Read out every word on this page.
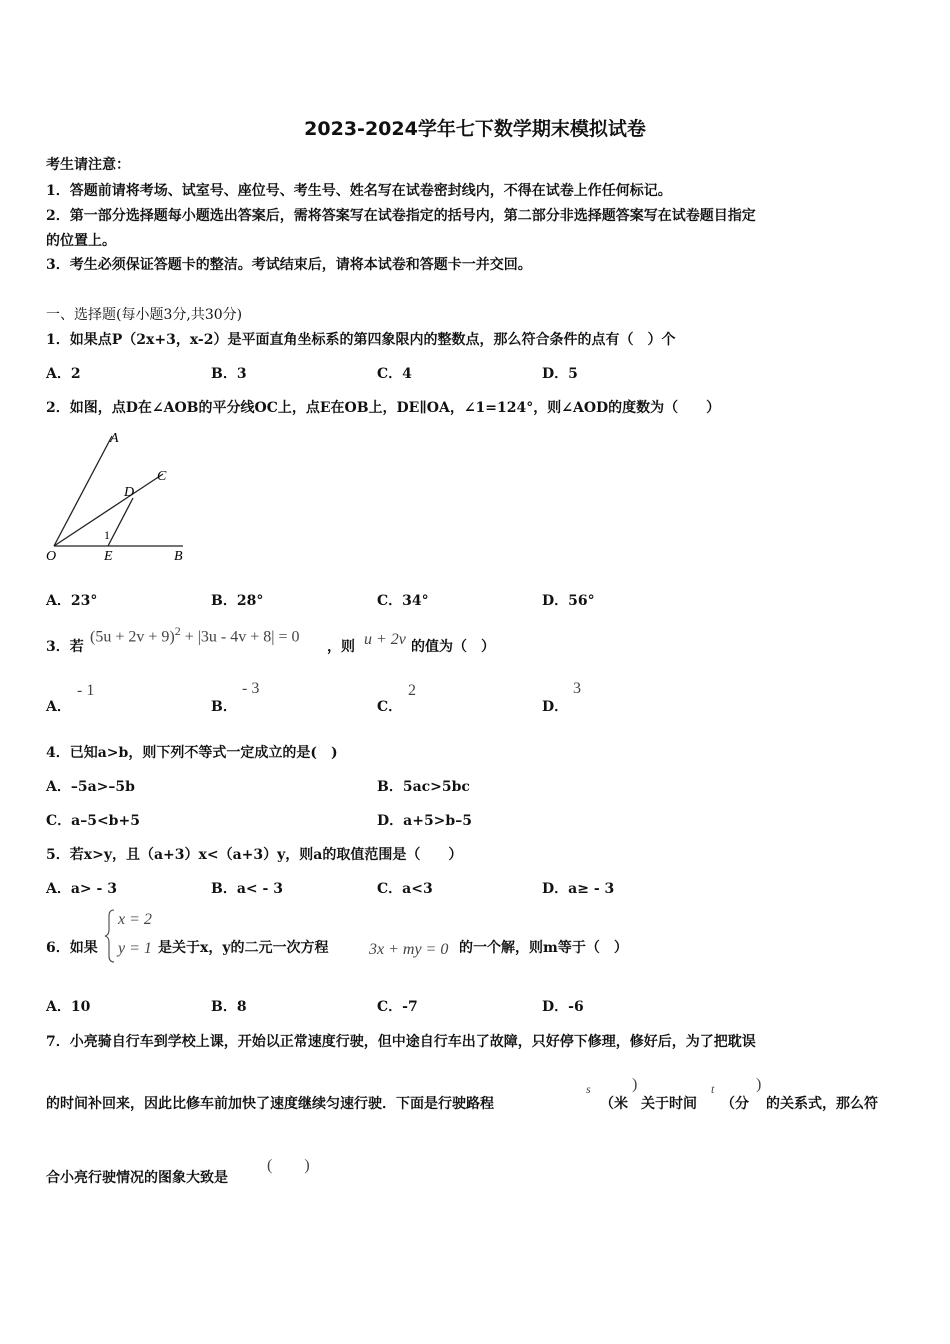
2023-2024学年七下数学期末模拟试卷
考生请注意：
1．答题前请将考场、试室号、座位号、考生号、姓名写在试卷密封线内，不得在试卷上作任何标记。
2．第一部分选择题每小题选出答案后，需将答案写在试卷指定的括号内，第二部分非选择题答案写在试卷题目指定
的位置上。
3．考生必须保证答题卡的整洁。考试结束后，请将本试卷和答题卡一并交回。
一、选择题(每小题3分,共30分)
1．如果点P（2x+3，x-2）是平面直角坐标系的第四象限内的整数点，那么符合条件的点有（　）个
A．2	B．3	C．4	D．5
2．如图，点D在∠AOB的平分线OC上，点E在OB上，DE∥OA，∠1=124°，则∠AOD的度数为（　　）
A
C
D
1
O	E	B
A．23°	B．28°	C．34°	D．56°
3．若
$(5u + 2v + 9)^2 + |3u - 4v + 8| = 0$
，则 u + 2v 的值为（　）
A．
- 1
B．
- 3
C．
2
D．
3
4．已知a>b，则下列不等式一定成立的是(　)
A．–5a>–5b	B．5ac>5bc
C．a–5<b+5	D．a+5>b–5
5．若x>y，且（a+3）x<（a+3）y，则a的取值范围是（　　）
A．a> - 3	B．a< - 3	C．a<3	D．a≥ - 3
6．如果
x = 2
y = 1 是关于x，y的二元一次方程	3x + my = 0 的一个解，则m等于（　）
A．10	B．8	C．-7	D．-6
7．小亮骑自行车到学校上课，开始以正常速度行驶，但中途自行车出了故障，只好停下修理，修好后，为了把耽误
的时间补回来，因此比修车前加快了速度继续匀速行驶．下面是行驶路程
s
（米
)
关于时间
t
（分
)
的关系式，那么符
合小亮行驶情况的图象大致是
(　　)
